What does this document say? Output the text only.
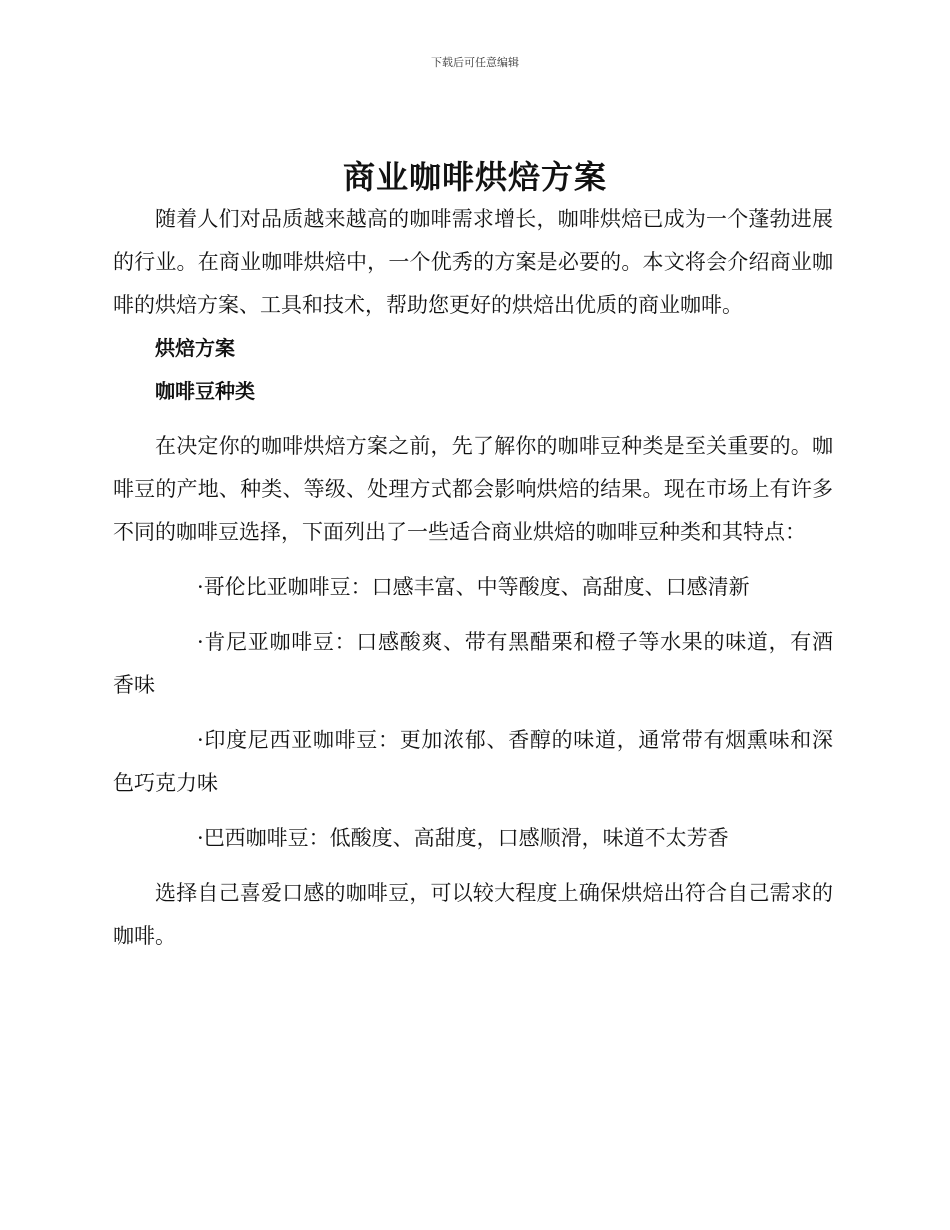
下载后可任意编辑
商业咖啡烘焙方案

随着人们对品质越来越高的咖啡需求增长，咖啡烘焙已成为一个蓬勃进展的行业。在商业咖啡烘焙中，一个优秀的方案是必要的。本文将会介绍商业咖啡的烘焙方案、工具和技术，帮助您更好的烘焙出优质的商业咖啡。

烘焙方案
咖啡豆种类

在决定你的咖啡烘焙方案之前，先了解你的咖啡豆种类是至关重要的。咖啡豆的产地、种类、等级、处理方式都会影响烘焙的结果。现在市场上有许多不同的咖啡豆选择，下面列出了一些适合商业烘焙的咖啡豆种类和其特点：

·哥伦比亚咖啡豆：口感丰富、中等酸度、高甜度、口感清新

·肯尼亚咖啡豆：口感酸爽、带有黑醋栗和橙子等水果的味道，有酒香味

·印度尼西亚咖啡豆：更加浓郁、香醇的味道，通常带有烟熏味和深色巧克力味

·巴西咖啡豆：低酸度、高甜度，口感顺滑，味道不太芳香

选择自己喜爱口感的咖啡豆，可以较大程度上确保烘焙出符合自己需求的咖啡。
